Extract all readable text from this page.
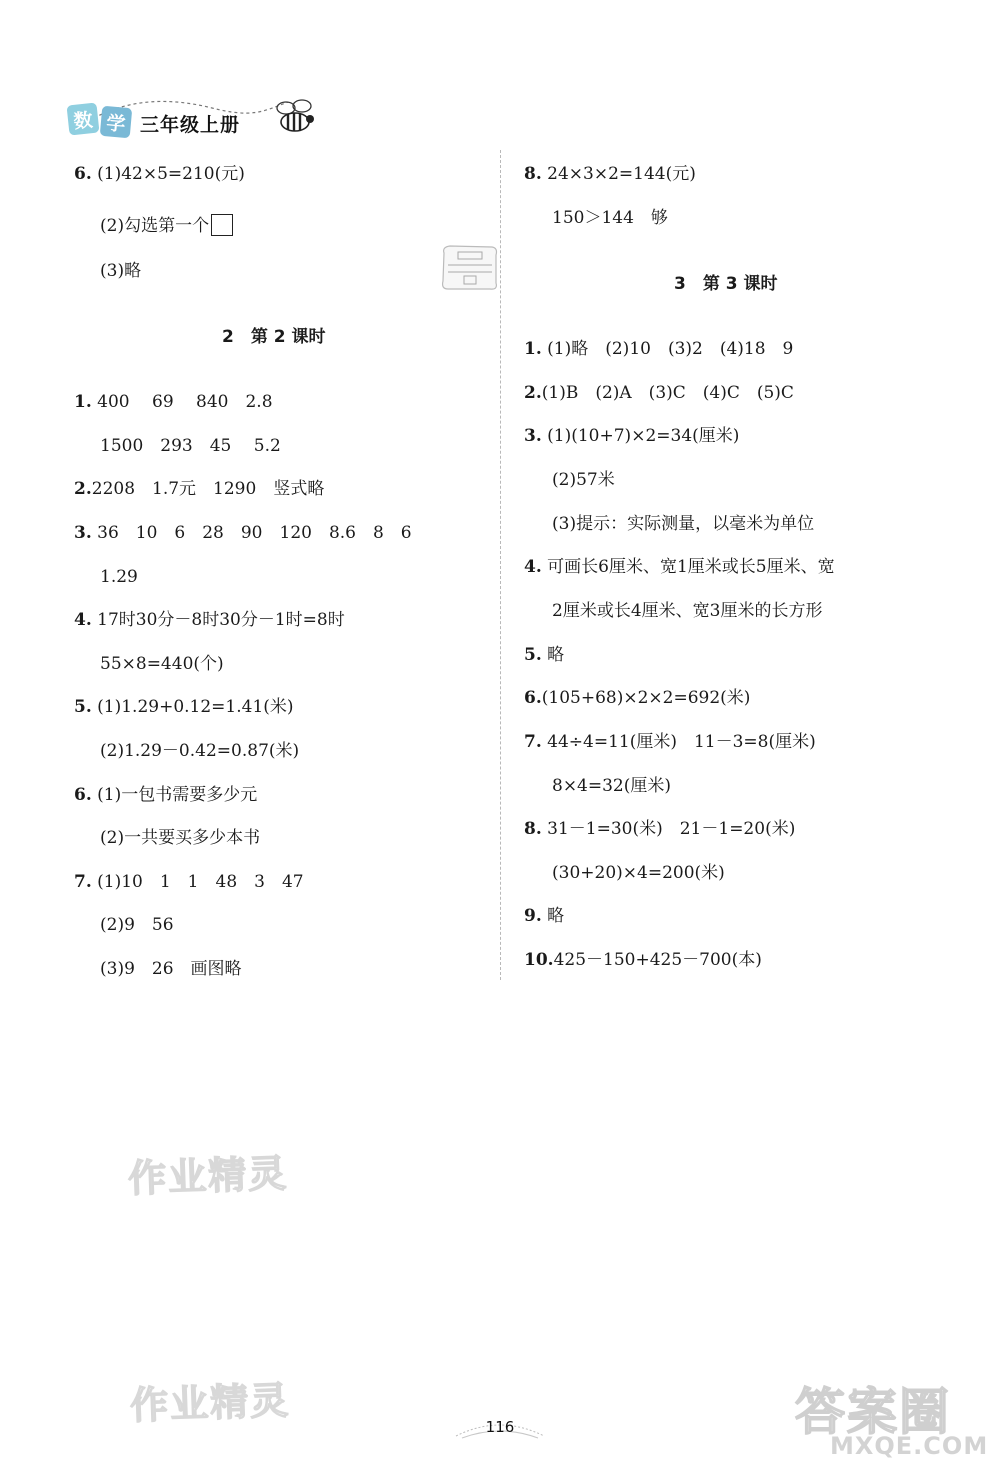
数 学 三年级上册
6. (1)42×5=210(元)
(2)勾选第一个
(3)略
2　第 2 课时
1. 400　 69　 840　2.8
1500　293　45　 5.2
2.2208　1.7元　1290　竖式略
3. 36　10　6　28　90　120　8.6　8　6
1.29
4. 17时30分－8时30分－1时=8时
55×8=440(个)
5. (1)1.29+0.12=1.41(米)
(2)1.29－0.42=0.87(米)
6. (1)一包书需要多少元
(2)一共要买多少本书
7. (1)10　1　1　48　3　47
(2)9　56
(3)9　26　画图略
8. 24×3×2=144(元)
150＞144　够
3　第 3 课时
1. (1)略　(2)10　(3)2　(4)18　9
2.(1)B　(2)A　(3)C　(4)C　(5)C
3. (1)(10+7)×2=34(厘米)
(2)57米
(3)提示：实际测量，以毫米为单位
4. 可画长6厘米、宽1厘米或长5厘米、宽
2厘米或长4厘米、宽3厘米的长方形
5. 略
6.(105+68)×2×2=692(米)
7. 44÷4=11(厘米)　11－3=8(厘米)
8×4=32(厘米)
8. 31－1=30(米)　21－1=20(米)
(30+20)×4=200(米)
9. 略
10.425－150+425－700(本)
作业精灵
作业精灵	答案圈
MXQE.COM
116
